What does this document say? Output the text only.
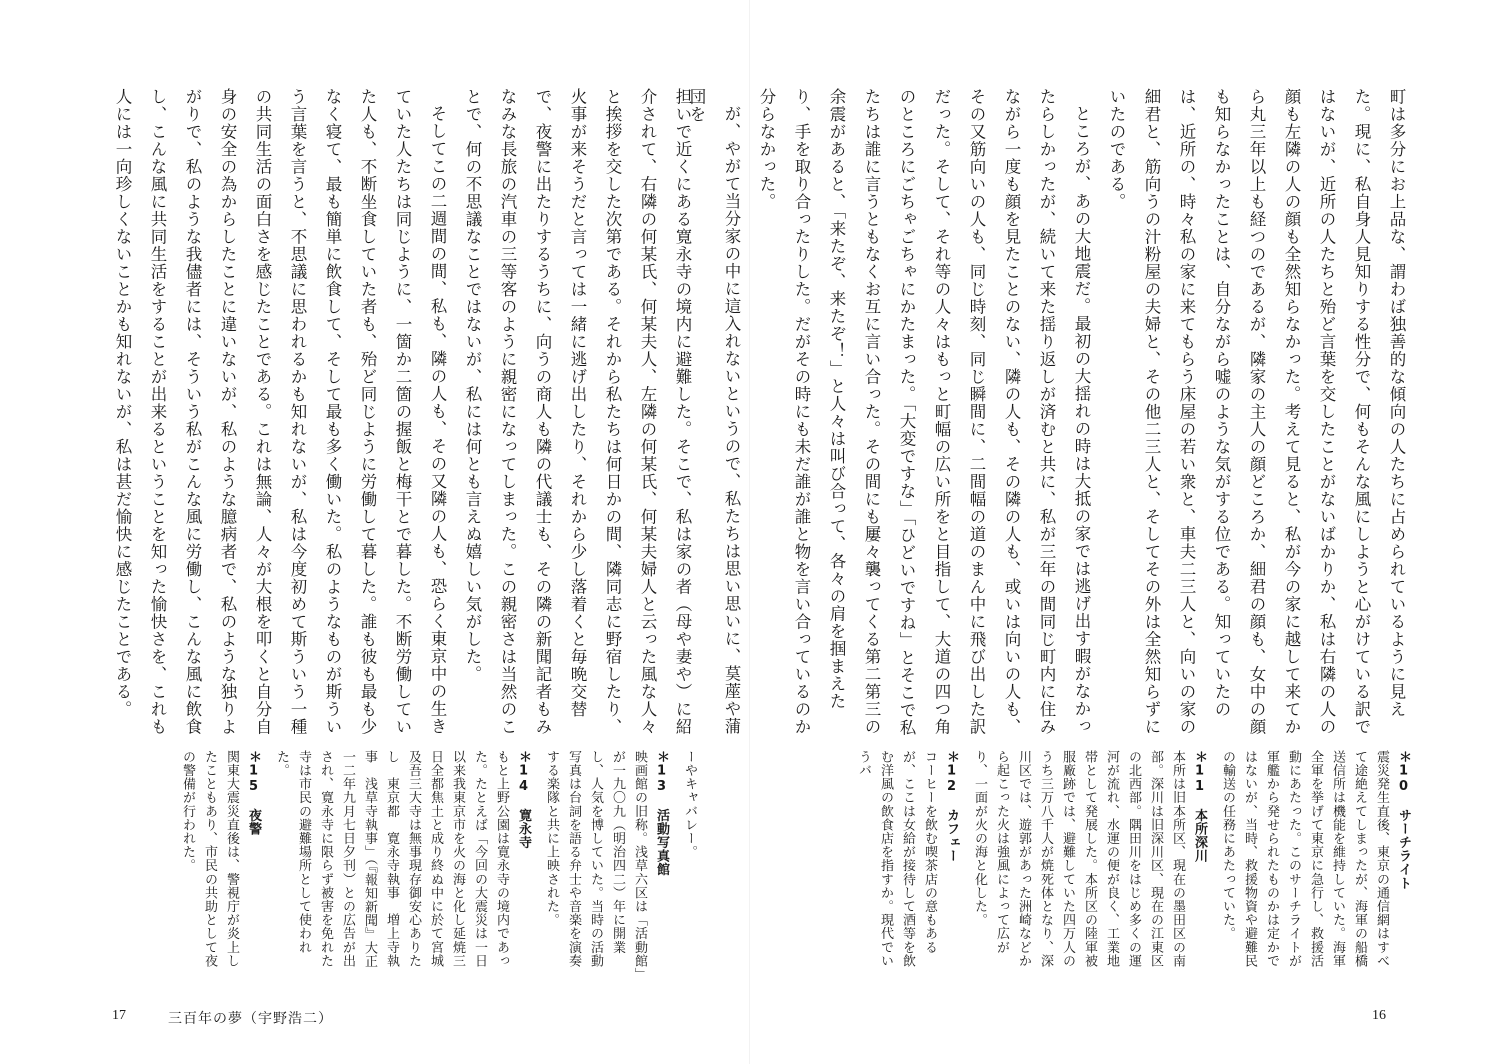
町は多分にお上品な、謂わば独善的な傾向の人たちに占められているように見えた。現に、私自身人見知りする性分で、何もそんな風にしようと心がけている訳ではないが、近所の人たちと殆ど言葉を交したことがないばかりか、私は右隣の人の顔も左隣の人の顔も全然知らなかった。考えて見ると、私が今の家に越して来てから丸三年以上も経つのであるが、隣家の主人の顔どころか、細君の顔も、女中の顔も知らなかったことは、自分ながら嘘のような気がする位である。知っていたのは、近所の、時々私の家に来てもらう床屋の若い衆と、車夫二三人と、向いの家の細君と、筋向うの汁粉屋の夫婦と、その他二三人と、そしてその外は全然知らずにいたのである。

ところが、あの大地震だ。最初の大揺れの時は大抵の家では逃げ出す暇がなかったらしかったが、続いて来た揺り返しが済むと共に、私が三年の間同じ町内に住みながら一度も顔を見たことのない、隣の人も、その隣の人も、或いは向いの人も、その又筋向いの人も、同じ時刻、同じ瞬間に、二間幅の道のまん中に飛び出した訳だった。そして、それ等の人々はもっと町幅の広い所をと目指して、大道の四つ角のところにごちゃごちゃにかたまった。「大変ですな」「ひどいですね」とそこで私たちは誰に言うともなくお互に言い合った。その間にも屢々襲ってくる第二第三の余震があると、「来たぞ、来たぞ！」と人々は叫び合って、各々の肩を掴まえたり、手を取り合ったりした。だがその時にも未だ誰が誰と物を言い合っているのか分らなかった。

が、やがて当分家の中に這入れないというので、私たちは思い思いに、茣蓙や蒲団を

＊10　サーチライト
震災発生直後、東京の通信網はすべて途絶えてしまったが、海軍の船橋送信所は機能を維持していた。海軍全軍を挙げて東京に急行し、救援活動にあたった。このサーチライトが軍艦から発せられたものかは定かではないが、当時、救援物資や避難民の輸送の任務にあたっていた。
＊11　本所深川
本所は旧本所区、現在の墨田区の南部。深川は旧深川区、現在の江東区の北西部。隅田川をはじめ多くの運河が流れ、水運の便が良く、工業地帯として発展した。本所区の陸軍被服廠跡では、避難していた四万人のうち三万八千人が焼死体となり、深川区では、遊郭があった洲崎などから起こった火は強風によって広がり、一面が火の海と化した。
＊12　カフェー
コーヒーを飲む喫茶店の意もあるが、ここは女給が接待して酒等を飲む洋風の飲食店を指すか。現代でいうバ
16

担いで近くにある寛永寺の境内に避難した。そこで、私は家の者（母や妻や）に紹介されて、右隣の何某氏、何某夫人、左隣の何某氏、何某夫婦人と云った風な人々と挨拶を交した次第である。それから私たちは何日かの間、隣同志に野宿したり、火事が来そうだと言っては一緒に逃げ出したり、それから少し落着くと毎晩交替で、夜警に出たりするうちに、向うの商人も隣の代議士も、その隣の新聞記者もみなみな長旅の汽車の三等客のように親密になってしまった。この親密さは当然のことで、何の不思議なことではないが、私には何とも言えぬ嬉しい気がした。

そしてこの二週間の間、私も、隣の人も、その又隣の人も、恐らく東京中の生きていた人たちは同じように、一箇か二箇の握飯と梅干とで暮した。不断労働していた人も、不断坐食していた者も、殆ど同じように労働して暮した。誰も彼も最も少なく寝て、最も簡単に飲食して、そして最も多く働いた。私のようなものが斯ういう言葉を言うと、不思議に思われるかも知れないが、私は今度初めて斯ういう一種の共同生活の面白さを感じたことである。これは無論、人々が大根を叩くと自分自身の安全の為からしたことに違いないが、私のような臆病者で、私のような独りよがりで、私のような我儘者には、そういう私がこんな風に労働し、こんな風に飲食し、こんな風に共同生活をすることが出来るということを知った愉快さを、これも人には一向珍しくないことかも知れないが、私は甚だ愉快に感じたことである。

ーやキャバレー。
＊13　活動写真館
映画館の旧称。浅草六区は「活動館」が一九〇九（明治四二）年に開業し、人気を博していた。当時の活動写真は台詞を語る弁士や音楽を演奏する楽隊と共に上映された。
＊14　寛永寺
もと上野公園は寛永寺の境内であった。たとえば「今回の大震災は一日以来我東京市を火の海と化し延焼三日全都焦土と成り終ぬ中に於て宮城及吾三大寺は無事現存御安心ありたし　東京都　寛永寺執事　増上寺執事　浅草寺執事」（『報知新聞』大正一二年九月七日夕刊）との広告が出され、寛永寺に限らず被害を免れた寺は市民の避難場所として使われた。
＊15　夜警
関東大震災直後は、警視庁が炎上したこともあり、市民の共助として夜の警備が行われた。
17	三百年の夢（宇野浩二）
